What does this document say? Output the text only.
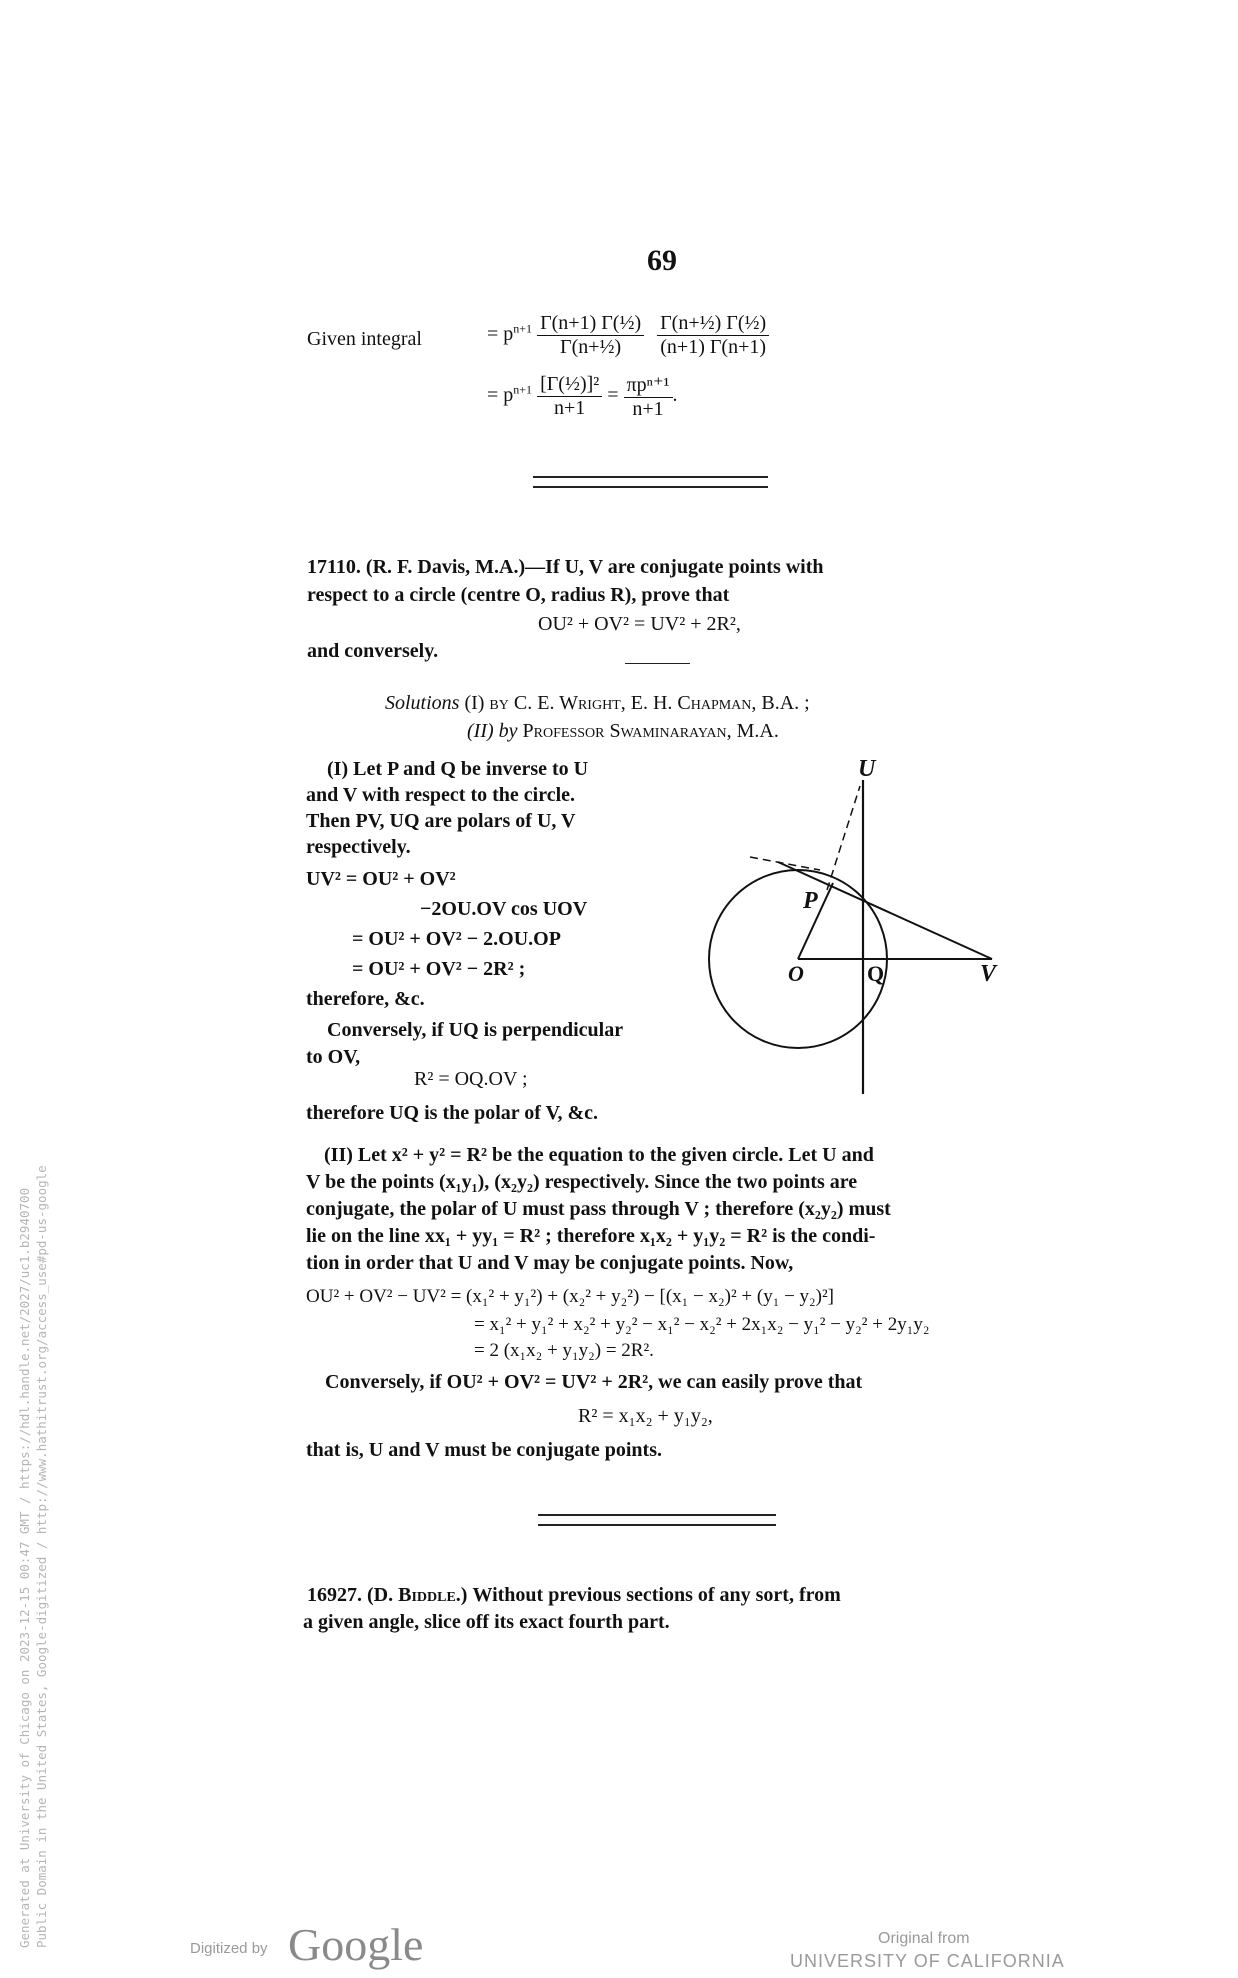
69
Given integral	= $p^{n+1} \frac{\text{Γ(n+1) Γ(½)}}{\text{Γ(n+½)}}$
$\frac{\text{Γ(n+½) Γ(½)}}{(n+1) \Gamma(n+1)}$
= $p^{n+1} \frac{\text{[Γ(½)]²}}{n+1} = \frac{\text{πpⁿ⁺¹}}{n+1}$ .
17110. (R. F. Davis, M.A.)—If U, V are conjugate points with
respect to a circle (centre O, radius R), prove that
OU² + OV² = UV² + 2R²,
and conversely.
Solutions (I) by C. E. Wright, E. H. Chapman, B.A. ;
(II) by Professor Swaminarayan, M.A.
(I) Let P and Q be inverse to U
and V with respect to the circle.
Then PV, UQ are polars of U, V
respectively.
UV² = OU² + OV²
−2OU.OV cos UOV
= OU² + OV² − 2.OU.OP
= OU² + OV² − 2R² ;
therefore, &c.
Conversely, if UQ is perpendicular
to OV,
R² = OQ.OV ;
therefore UQ is the polar of V, &c.
U
P
O	Q	V
(II) Let x² + y² = R² be the equation to the given circle. Let U and
V be the points (x₁y₁), (x₂y₂) respectively. Since the two points are
conjugate, the polar of U must pass through V ; therefore (x₂y₂) must
lie on the line xx₁ + yy₁ = R² ; therefore x₁x₂ + y₁y₂ = R² is the condi-
tion in order that U and V may be conjugate points. Now,
OU² + OV² − UV² = (x₁² + y₁²) + (x₂² + y₂²) − [(x₁ − x₂)² + (y₁ − y₂)²]
= x₁² + y₁² + x₂² + y₂² − x₁² − x₂² + 2x₁x₂ − y₁² − y₂² + 2y₁y₂
= 2 (x₁x₂ + y₁y₂) = 2R².
Conversely, if OU² + OV² = UV² + 2R², we can easily prove that
R² = x₁x₂ + y₁y₂,
that is, U and V must be conjugate points.
16927. (D. Biddle.) Without previous sections of any sort, from
a given angle, slice off its exact fourth part.
Generated at University of Chicago on 2023-12-15 00:47 GMT / https://hdl.handle.net/2027/uc1.b2940700 Public Domain in the United States, Google-digitized / http://www.hathitrust.org/access_use#pd-us-google
Digitized by Google	Original from
UNIVERSITY OF CALIFORNIA
